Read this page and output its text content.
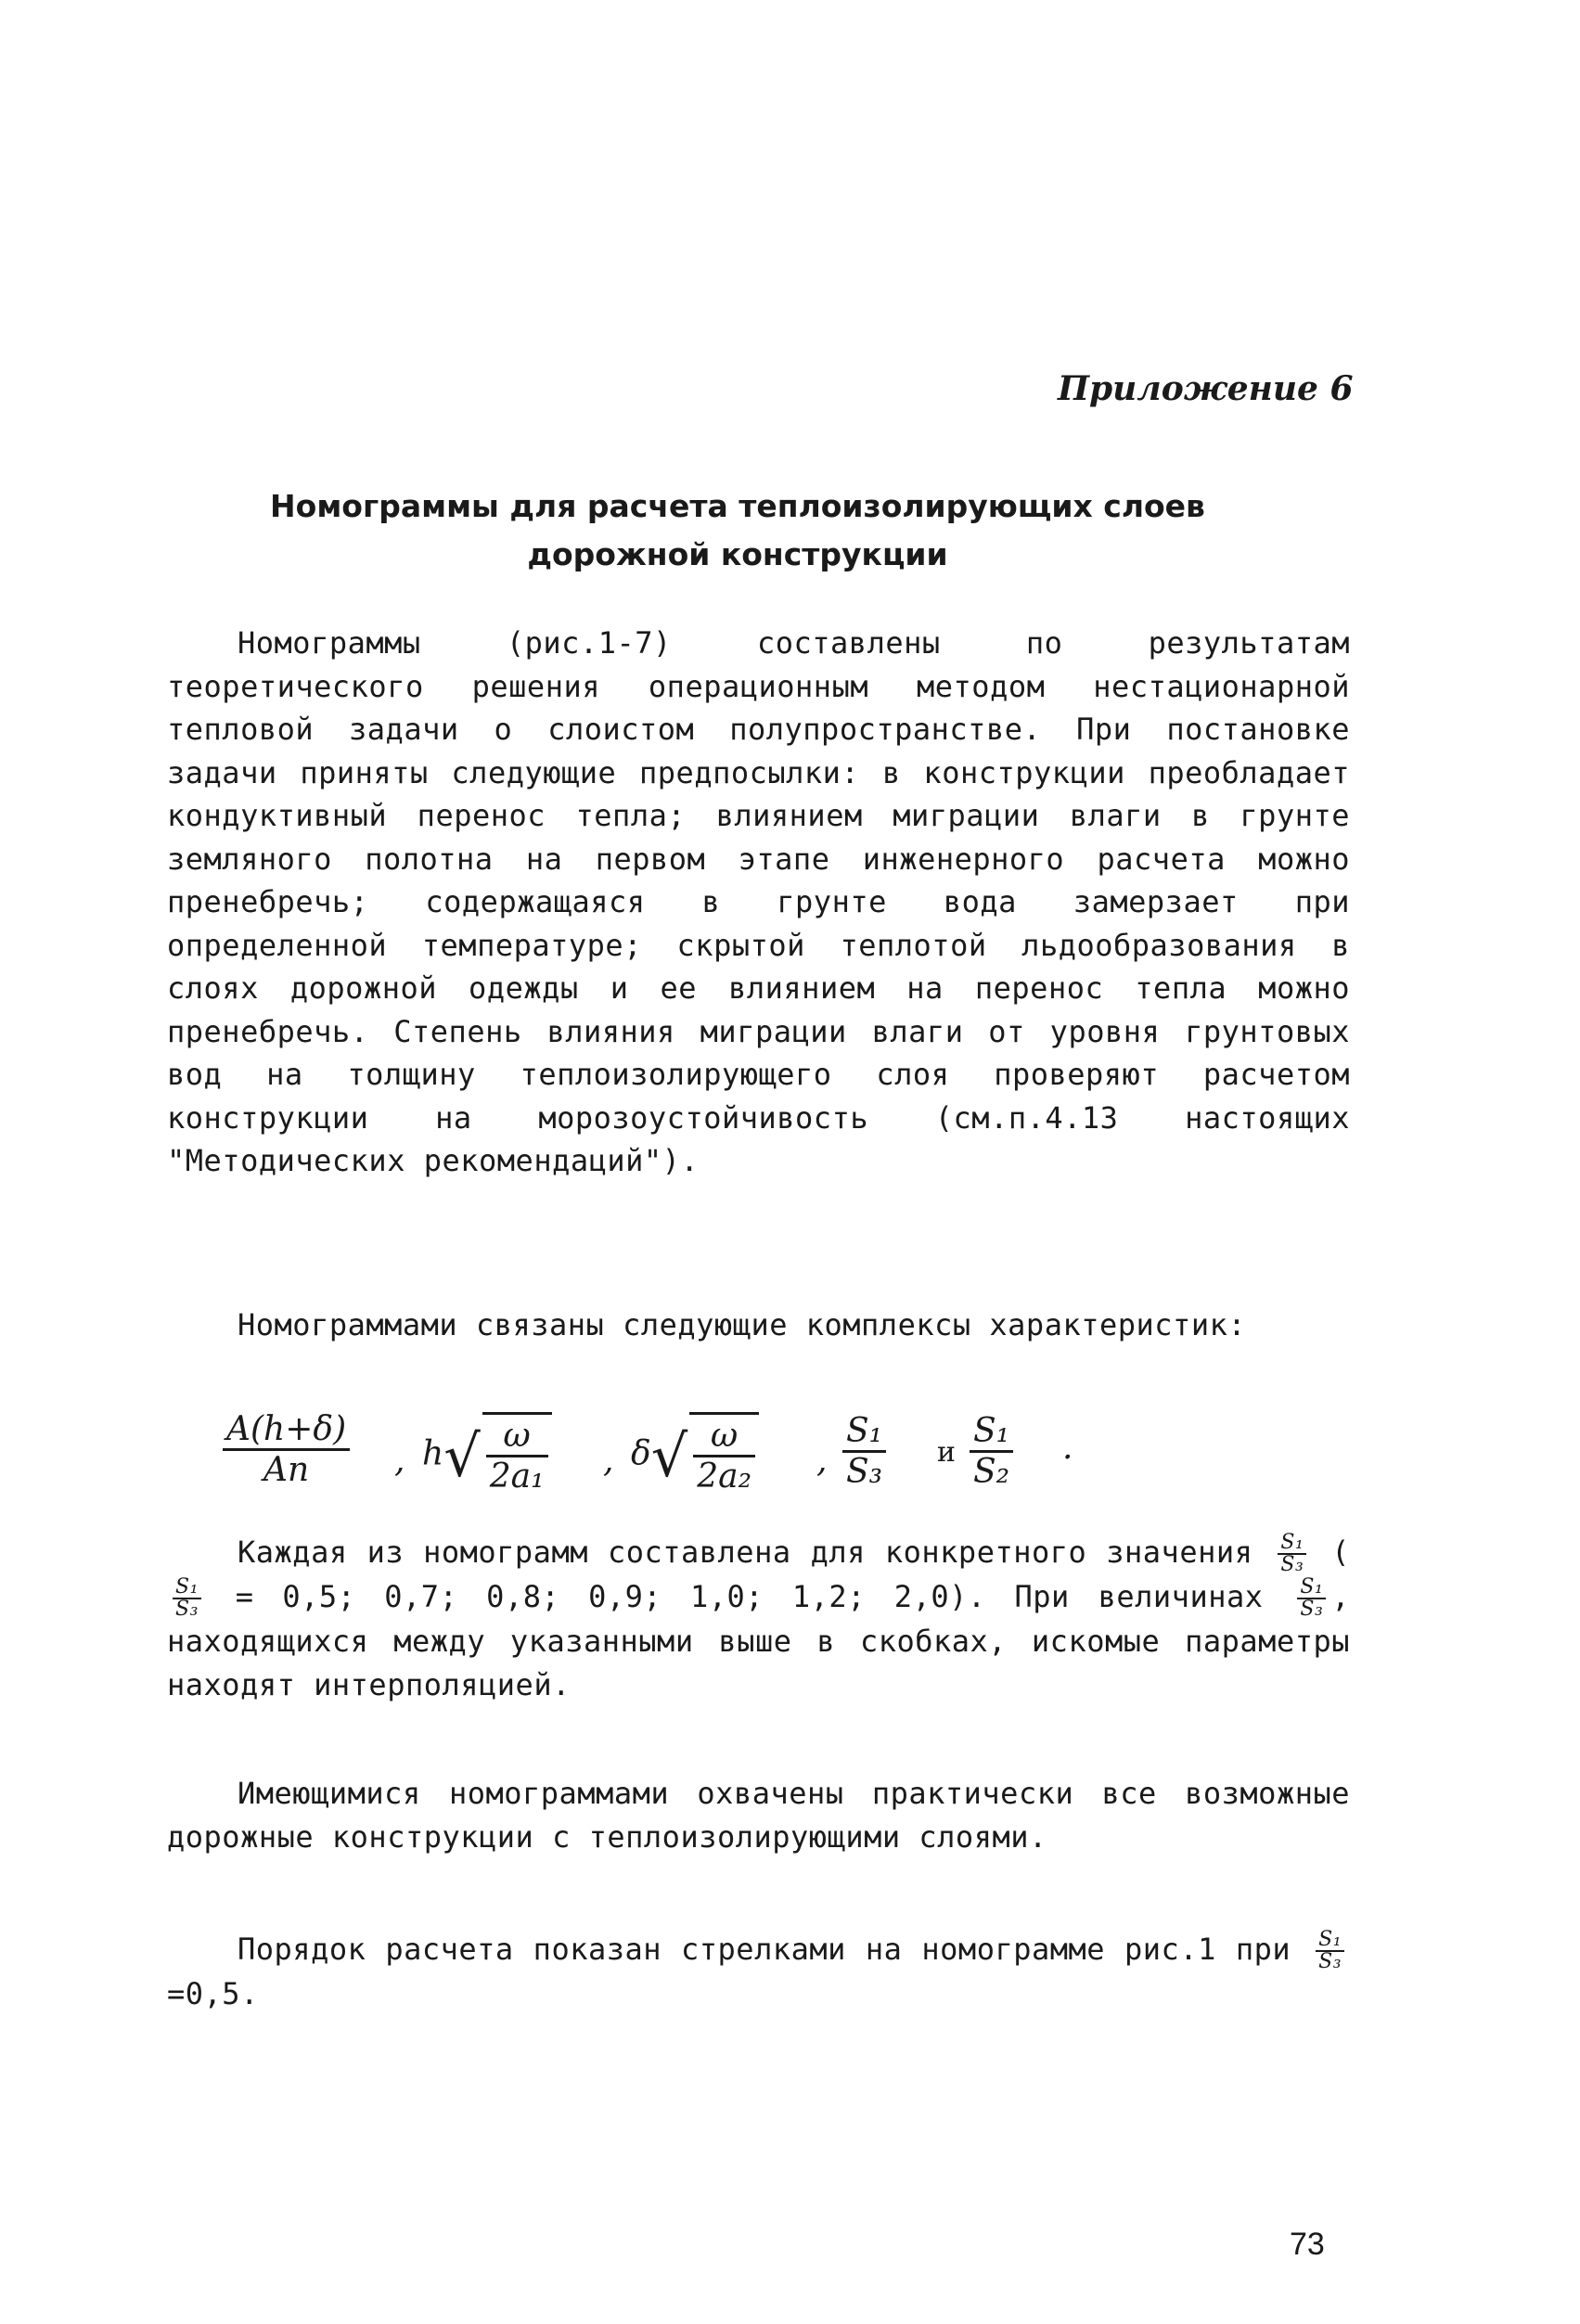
Приложение 6
Номограммы для расчета теплоизолирующих слоев
дорожной конструкции
Номограммы (рис.1-7) составлены по результатам теоретического решения операционным методом нестационарной тепловой задачи о слоистом полупространстве. При постановке задачи приняты следующие предпосылки: в конструкции преобладает кондуктивный перенос тепла; влиянием миграции влаги в грунте земляного полотна на первом этапе инженерного расчета можно пренебречь; содержащаяся в грунте вода замерзает при определенной температуре; скрытой теплотой льдообразования в слоях дорожной одежды и ее влиянием на перенос тепла можно пренебречь. Степень влияния миграции влаги от уровня грунтовых вод на толщину теплоизолирующего слоя проверяют расчетом конструкции на морозоустойчивость (см.п.4.13 настоящих "Методических рекомендаций").
Номограммами связаны следующие комплексы характеристик:
$\frac{A(h+\delta)}{Aп}$ , $h√ \frac{\omega}{\text{2a₁}}$ , $\delta√ \frac{\omega}{\text{2a₂}}$ , $\frac{\text{S₁}}{\text{S₃}}$ и $\frac{\text{S₁}}{\text{S₂}}$ .
Каждая из номограмм составлена для конкретного значения $\frac{\text{S₁}}{\text{S₃}}$ (
$\frac{\text{S₁}}{\text{S₃}} = 0,5$; 0,7; 0,8; 0,9; 1,0; 1,2; 2,0). При величинах $\frac{\text{S₁}}{\text{S₃}}$ , находящихся между указанными выше в скобках, искомые параметры находят интерполяцией.
Имеющимися номограммами охвачены практически все возможные дорожные конструкции с теплоизолирующими слоями.
Порядок расчета показан стрелками на номограмме рис.1 при $\frac{\text{S₁}}{\text{S₃}}$
=0,5.
73
